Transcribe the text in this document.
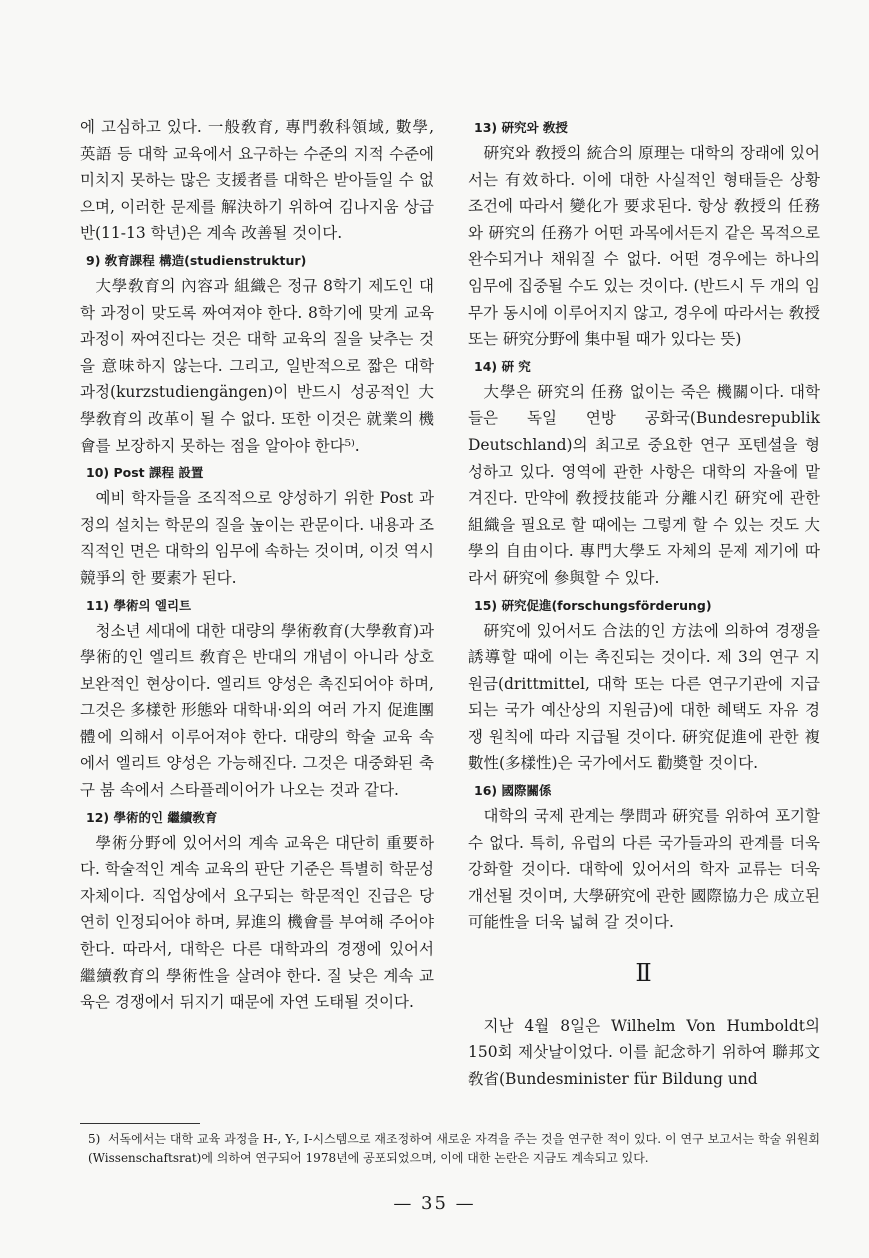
에 고심하고 있다. 一般敎育, 專門敎科領域, 數學, 英語 등 대학 교육에서 요구하는 수준의 지적 수준에 미치지 못하는 많은 支援者를 대학은 받아들일 수 없으며, 이러한 문제를 解決하기 위하여 김나지움 상급반(11-13 학년)은 계속 改善될 것이다.

9) 敎育課程 構造(studienstruktur)

大學敎育의 內容과 組織은 정규 8학기 제도인 대학 과정이 맞도록 짜여져야 한다. 8학기에 맞게 교육 과정이 짜여진다는 것은 대학 교육의 질을 낮추는 것을 意味하지 않는다. 그리고, 일반적으로 짧은 대학 과정(kurzstudiengängen)이 반드시 성공적인 大學敎育의 改革이 될 수 없다. 또한 이것은 就業의 機會를 보장하지 못하는 점을 알아야 한다⁵⁾.

10) Post 課程 設置

예비 학자들을 조직적으로 양성하기 위한 Post 과정의 설치는 학문의 질을 높이는 관문이다. 내용과 조직적인 면은 대학의 임무에 속하는 것이며, 이것 역시 競爭의 한 要素가 된다.

11) 學術의 엘리트

청소년 세대에 대한 대량의 學術敎育(大學敎育)과 學術的인 엘리트 敎育은 반대의 개념이 아니라 상호 보완적인 현상이다. 엘리트 양성은 촉진되어야 하며, 그것은 多樣한 形態와 대학내·외의 여러 가지 促進團體에 의해서 이루어져야 한다. 대량의 학술 교육 속에서 엘리트 양성은 가능해진다. 그것은 대중화된 축구 붐 속에서 스타플레이어가 나오는 것과 같다.

12) 學術的인 繼續敎育

學術分野에 있어서의 계속 교육은 대단히 重要하다. 학술적인 계속 교육의 판단 기준은 특별히 학문성 자체이다. 직업상에서 요구되는 학문적인 진급은 당연히 인정되어야 하며, 昇進의 機會를 부여해 주어야 한다. 따라서, 대학은 다른 대학과의 경쟁에 있어서 繼續敎育의 學術性을 살려야 한다. 질 낮은 계속 교육은 경쟁에서 뒤지기 때문에 자연 도태될 것이다.

13) 硏究와 敎授

硏究와 敎授의 統合의 原理는 대학의 장래에 있어서는 有效하다. 이에 대한 사실적인 형태들은 상황 조건에 따라서 變化가 要求된다. 항상 敎授의 任務와 硏究의 任務가 어떤 과목에서든지 같은 목적으로 완수되거나 채워질 수 없다. 어떤 경우에는 하나의 임무에 집중될 수도 있는 것이다. (반드시 두 개의 임무가 동시에 이루어지지 않고, 경우에 따라서는 敎授 또는 硏究分野에 集中될 때가 있다는 뜻)

14) 硏 究

大學은 硏究의 任務 없이는 죽은 機關이다. 대학들은 독일 연방 공화국(Bundesrepublik Deutschland)의 최고로 중요한 연구 포텐셜을 형성하고 있다. 영역에 관한 사항은 대학의 자율에 맡겨진다. 만약에 敎授技能과 分離시킨 硏究에 관한 組織을 필요로 할 때에는 그렇게 할 수 있는 것도 大學의 自由이다. 專門大學도 자체의 문제 제기에 따라서 硏究에 參與할 수 있다.

15) 硏究促進(forschungsförderung)

硏究에 있어서도 合法的인 方法에 의하여 경쟁을 誘導할 때에 이는 촉진되는 것이다. 제 3의 연구 지원금(drittmittel, 대학 또는 다른 연구기관에 지급되는 국가 예산상의 지원금)에 대한 혜택도 자유 경쟁 원칙에 따라 지급될 것이다. 硏究促進에 관한 複數性(多樣性)은 국가에서도 勸奬할 것이다.

16) 國際關係

대학의 국제 관계는 學問과 硏究를 위하여 포기할 수 없다. 특히, 유럽의 다른 국가들과의 관계를 더욱 강화할 것이다. 대학에 있어서의 학자 교류는 더욱 개선될 것이며, 大學硏究에 관한 國際協力은 成立된 可能性을 더욱 넓혀 갈 것이다.

Ⅱ

지난 4월 8일은 Wilhelm Von Humboldt의 150회 제삿날이었다. 이를 記念하기 위하여 聯邦文敎省(Bundesminister für Bildung und

5) 서독에서는 대학 교육 과정을 H-, Y-, I-시스템으로 재조정하여 새로운 자격을 주는 것을 연구한 적이 있다. 이 연구 보고서는 학술 위원회(Wissenschaftsrat)에 의하여 연구되어 1978년에 공포되었으며, 이에 대한 논란은 지금도 계속되고 있다.
— 35 —
